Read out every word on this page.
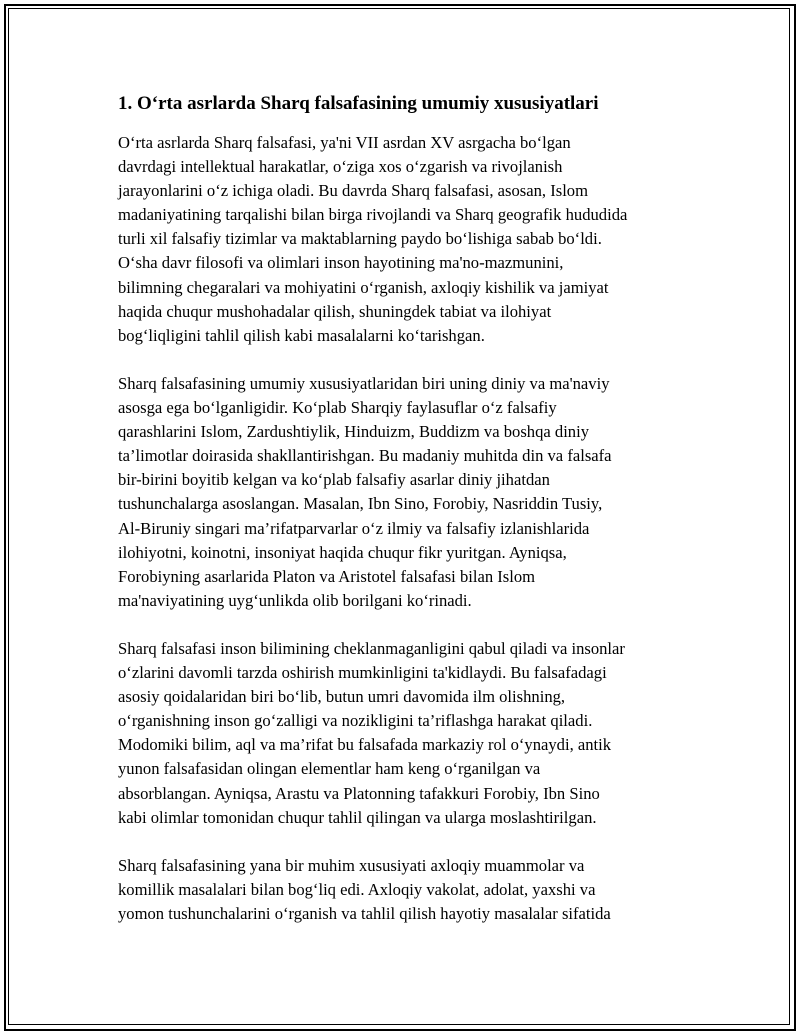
1. O‘rta asrlarda Sharq falsafasining umumiy xususiyatlari
O‘rta asrlarda Sharq falsafasi, ya'ni VII asrdan XV asrgacha bo‘lgan
davrdagi intellektual harakatlar, o‘ziga xos o‘zgarish va rivojlanish
jarayonlarini o‘z ichiga oladi. Bu davrda Sharq falsafasi, asosan, Islom
madaniyatining tarqalishi bilan birga rivojlandi va Sharq geografik hududida
turli xil falsafiy tizimlar va maktablarning paydo bo‘lishiga sabab bo‘ldi.
O‘sha davr filosofi va olimlari inson hayotining ma'no-mazmunini,
bilimning chegaralari va mohiyatini o‘rganish, axloqiy kishilik va jamiyat
haqida chuqur mushohadalar qilish, shuningdek tabiat va ilohiyat
bog‘liqligini tahlil qilish kabi masalalarni ko‘tarishgan.
Sharq falsafasining umumiy xususiyatlaridan biri uning diniy va ma'naviy
asosga ega bo‘lganligidir. Ko‘plab Sharqiy faylasuflar o‘z falsafiy
qarashlarini Islom, Zardushtiylik, Hinduizm, Buddizm va boshqa diniy
ta’limotlar doirasida shakllantirishgan. Bu madaniy muhitda din va falsafa
bir-birini boyitib kelgan va ko‘plab falsafiy asarlar diniy jihatdan
tushunchalarga asoslangan. Masalan, Ibn Sino, Forobiy, Nasriddin Tusiy,
Al-Biruniy singari ma’rifatparvarlar o‘z ilmiy va falsafiy izlanishlarida
ilohiyotni, koinotni, insoniyat haqida chuqur fikr yuritgan. Ayniqsa,
Forobiyning asarlarida Platon va Aristotel falsafasi bilan Islom
ma'naviyatining uyg‘unlikda olib borilgani ko‘rinadi.
Sharq falsafasi inson bilimining cheklanmaganligini qabul qiladi va insonlar
o‘zlarini davomli tarzda oshirish mumkinligini ta'kidlaydi. Bu falsafadagi
asosiy qoidalaridan biri bo‘lib, butun umri davomida ilm olishning,
o‘rganishning inson go‘zalligi va nozikligini ta’riflashga harakat qiladi.
Modomiki bilim, aql va ma’rifat bu falsafada markaziy rol o‘ynaydi, antik
yunon falsafasidan olingan elementlar ham keng o‘rganilgan va
absorblangan. Ayniqsa, Arastu va Platonning tafakkuri Forobiy, Ibn Sino
kabi olimlar tomonidan chuqur tahlil qilingan va ularga moslashtirilgan.
Sharq falsafasining yana bir muhim xususiyati axloqiy muammolar va
komillik masalalari bilan bog‘liq edi. Axloqiy vakolat, adolat, yaxshi va
yomon tushunchalarini o‘rganish va tahlil qilish hayotiy masalalar sifatida
